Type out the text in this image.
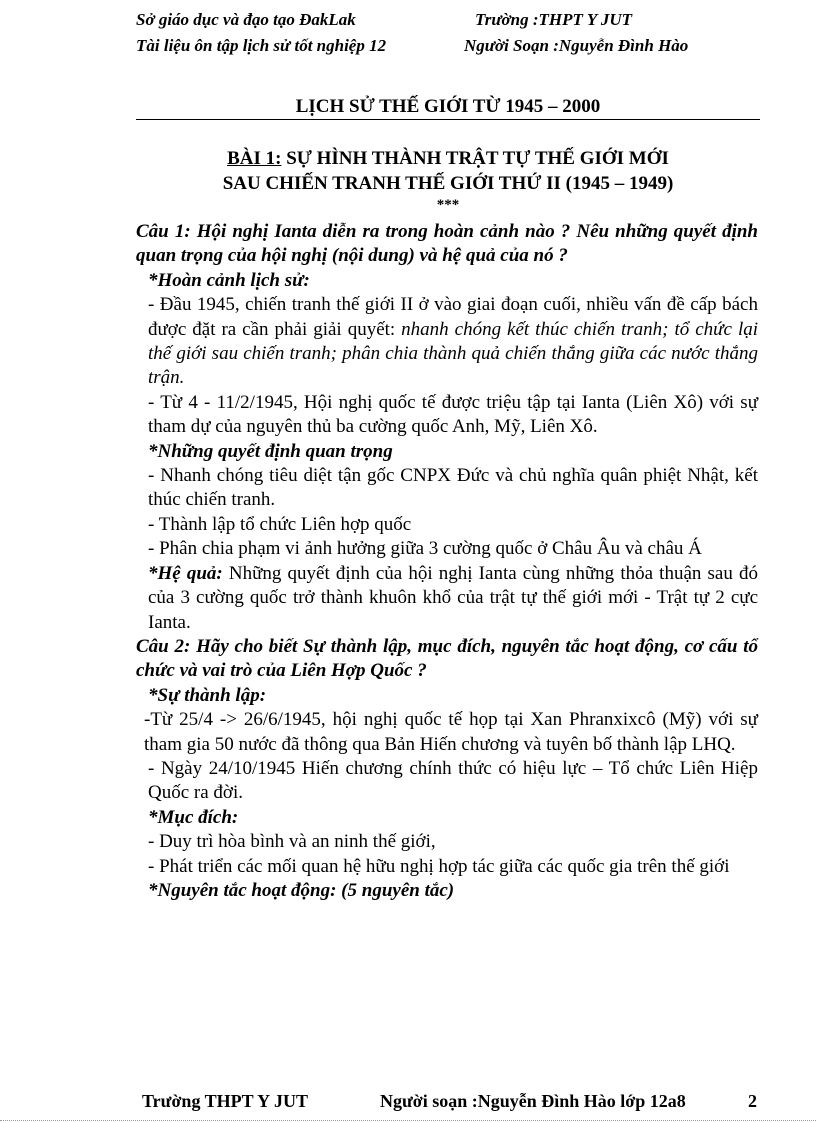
Sở giáo dục và đạo tạo ĐakLak	Trường :THPT Y JUT
Tài liệu ôn tập lịch sử tốt nghiệp 12	Người Soạn :Nguyễn Đình Hào
LỊCH SỬ THẾ GIỚI TỪ 1945 – 2000
BÀI 1: SỰ HÌNH THÀNH TRẬT TỰ THẾ GIỚI MỚI
SAU CHIẾN TRANH THẾ GIỚI THỨ II (1945 – 1949)
***

Câu 1: Hội nghị Ianta diễn ra trong hoàn cảnh nào ? Nêu những quyết định quan trọng của hội nghị (nội dung) và hệ quả của nó ?

*Hoàn cảnh lịch sử:

- Đầu 1945, chiến tranh thế giới II ở vào giai đoạn cuối, nhiều vấn đề cấp bách được đặt ra cần phải giải quyết: nhanh chóng kết thúc chiến tranh; tổ chức lại thế giới sau chiến tranh; phân chia thành quả chiến thắng giữa các nước thắng trận.

- Từ 4 - 11/2/1945, Hội nghị quốc tế được triệu tập tại Ianta (Liên Xô) với sự tham dự của nguyên thủ ba cường quốc Anh, Mỹ, Liên Xô.

*Những quyết định quan trọng

- Nhanh chóng tiêu diệt tận gốc CNPX Đức và chủ nghĩa quân phiệt Nhật, kết thúc chiến tranh.

- Thành lập tổ chức Liên hợp quốc

- Phân chia phạm vi ảnh hưởng giữa 3 cường quốc ở Châu Âu và châu Á

*Hệ quả: Những quyết định của hội nghị Ianta cùng những thỏa thuận sau đó của 3 cường quốc trở thành khuôn khổ của trật tự thế giới mới - Trật tự 2 cực Ianta.

Câu 2: Hãy cho biết Sự thành lập, mục đích, nguyên tắc hoạt động, cơ cấu tổ chức và vai trò của Liên Hợp Quốc ?

*Sự thành lập:

-Từ 25/4 -> 26/6/1945, hội nghị quốc tế họp tại Xan Phranxixcô (Mỹ) với sự tham gia 50 nước đã thông qua Bản Hiến chương và tuyên bố thành lập LHQ.

- Ngày 24/10/1945 Hiến chương chính thức có hiệu lực – Tổ chức Liên Hiệp Quốc ra đời.

*Mục đích:

- Duy trì hòa bình và an ninh thế giới,

- Phát triển các mối quan hệ hữu nghị hợp tác giữa các quốc gia trên thế giới

*Nguyên tắc hoạt động: (5 nguyên tắc)

Trường THPT Y JUT	Người soạn :Nguyễn Đình Hào lớp 12a8	2
